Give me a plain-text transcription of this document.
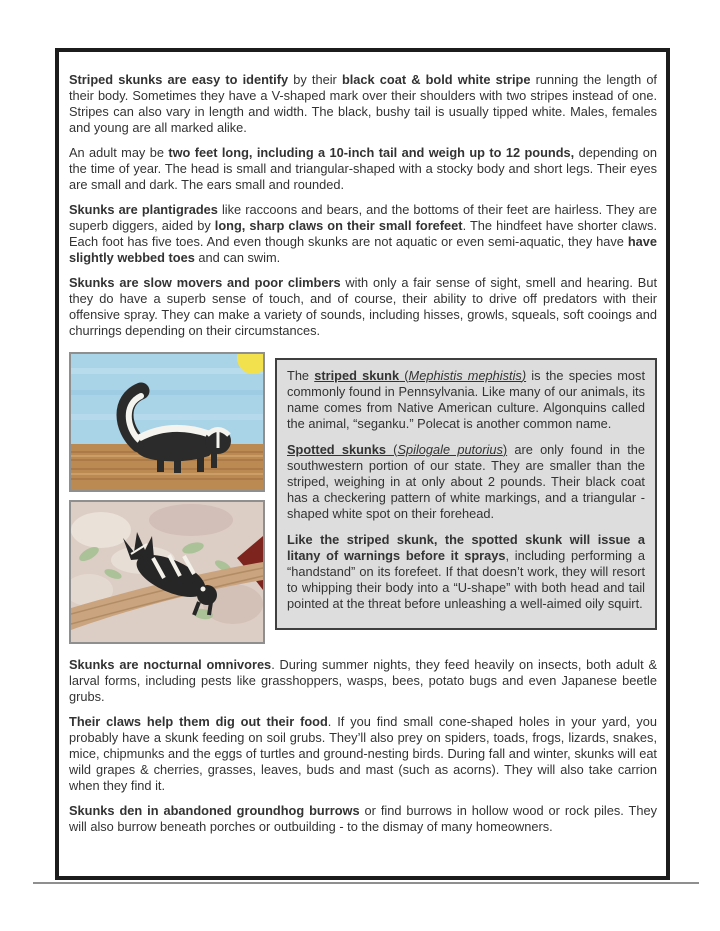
Striped skunks are easy to identify by their black coat & bold white stripe running the length of their body. Sometimes they have a V-shaped mark over their shoulders with two stripes instead of one. Stripes can also vary in length and width. The black, bushy tail is usually tipped white. Males, females and young are all marked alike.

An adult may be two feet long, including a 10-inch tail and weigh up to 12 pounds, depending on the time of year. The head is small and triangular-shaped with a stocky body and short legs. Their eyes are small and dark. The ears small and rounded.

Skunks are plantigrades like raccoons and bears, and the bottoms of their feet are hairless. They are superb diggers, aided by long, sharp claws on their small forefeet. The hindfeet have shorter claws. Each foot has five toes. And even though skunks are not aquatic or even semi-aquatic, they have have slightly webbed toes and can swim.

Skunks are slow movers and poor climbers with only a fair sense of sight, smell and hearing. But they do have a superb sense of touch, and of course, their ability to drive off predators with their offensive spray. They can make a variety of sounds, including hisses, growls, squeals, soft cooings and churrings depending on their circumstances.

The striped skunk (Mephistis mephistis) is the species most commonly found in Pennsylvania. Like many of our animals, its name comes from Native American culture. Algonquins called the animal, “seganku.” Polecat is another common name.

Spotted skunks (Spilogale putorius) are only found in the southwestern portion of our state. They are smaller than the striped, weighing in at only about 2 pounds. Their black coat has a checkering pattern of white markings, and a triangular - shaped white spot on their forehead.

Like the striped skunk, the spotted skunk will issue a litany of warnings before it sprays, including performing a “handstand” on its forefeet. If that doesn’t work, they will resort to whipping their body into a “U-shape” with both head and tail pointed at the threat before unleashing a well-aimed oily squirt.

Skunks are nocturnal omnivores. During summer nights, they feed heavily on insects, both adult & larval forms, including pests like grasshoppers, wasps, bees, potato bugs and even Japanese beetle grubs.

Their claws help them dig out their food. If you find small cone-shaped holes in your yard, you probably have a skunk feeding on soil grubs. They’ll also prey on spiders, toads, frogs, lizards, snakes, mice, chipmunks and the eggs of turtles and ground-nesting birds. During fall and winter, skunks will eat wild grapes & cherries, grasses, leaves, buds and mast (such as acorns). They will also take carrion when they find it.

Skunks den in abandoned groundhog burrows or find burrows in hollow wood or rock piles. They will also burrow beneath porches or outbuilding - to the dismay of many homeowners.
